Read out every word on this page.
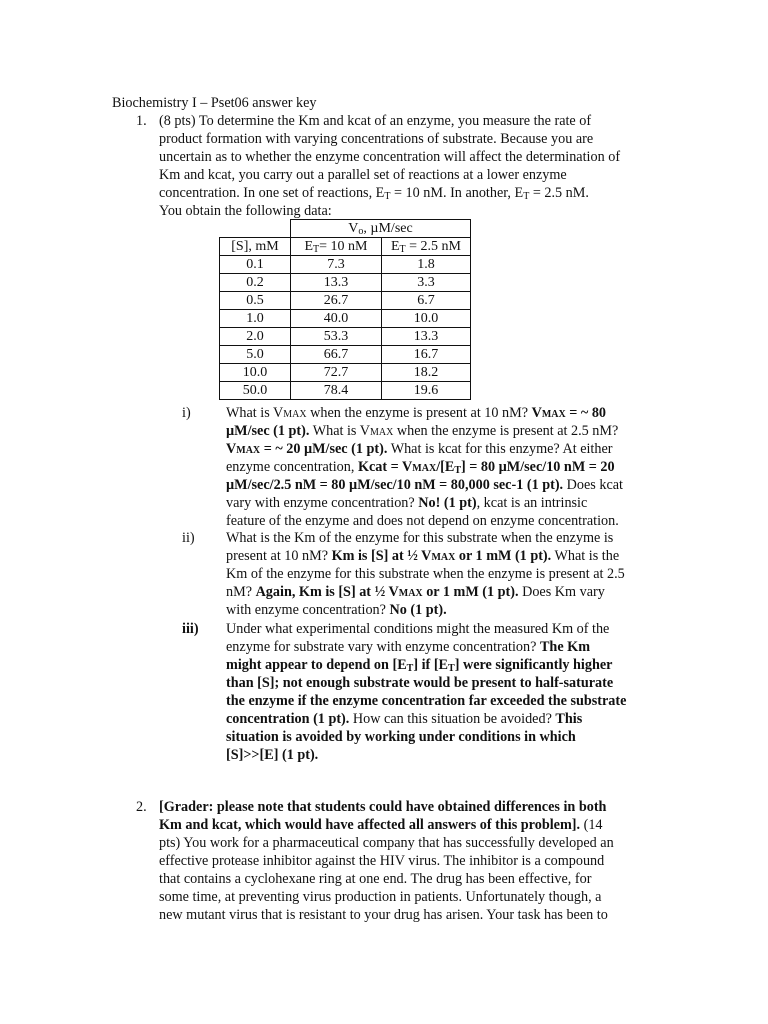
Biochemistry I – Pset06 answer key
1. (8 pts) To determine the Km and kcat of an enzyme, you measure the rate of
product formation with varying concentrations of substrate. Because you are
uncertain as to whether the enzyme concentration will affect the determination of
Km and kcat, you carry out a parallel set of reactions at a lower enzyme
concentration. In one set of reactions, $E_T = 10$ nM. In another, $E_T = 2.5$ nM.
You obtain the following data:
	$V_o$, µM/sec	
[S], mM	$E_T= 10$ nM	$E_T = 2.5$ nM
0.1	7.3	1.8
0.2	13.3	3.3
0.5	26.7	6.7
1.0	40.0	10.0
2.0	53.3	13.3
5.0	66.7	16.7
10.0	72.7	18.2
50.0	78.4	19.6
i) What is VMAX when the enzyme is present at 10 nM? VMAX = ~ 80
µM/sec (1 pt). What is VMAX when the enzyme is present at 2.5 nM?
VMAX = ~ 20 µM/sec (1 pt). What is kcat for this enzyme? At either
enzyme concentration, Kcat = VMAX/$[E_T] = 80$ µM/sec/10 nM = 20
µM/sec/2.5 nM = 80 µM/sec/10 nM = 80,000 sec-1 (1 pt). Does kcat
vary with enzyme concentration? No! (1 pt), kcat is an intrinsic
feature of the enzyme and does not depend on enzyme concentration.
ii) What is the Km of the enzyme for this substrate when the enzyme is
present at 10 nM? Km is [S] at ½ VMAX or 1 mM (1 pt). What is the
Km of the enzyme for this substrate when the enzyme is present at 2.5
nM? Again, Km is [S] at ½ VMAX or 1 mM (1 pt). Does Km vary
with enzyme concentration? No (1 pt).
iii) Under what experimental conditions might the measured Km of the
enzyme for substrate vary with enzyme concentration? The Km
might appear to depend on $[E_T]$ if $[E_T]$ were significantly higher
than [S]; not enough substrate would be present to half-saturate
the enzyme if the enzyme concentration far exceeded the substrate
concentration (1 pt). How can this situation be avoided? This
situation is avoided by working under conditions in which
[S]>>[E] (1 pt).
2. [Grader: please note that students could have obtained differences in both
Km and kcat, which would have affected all answers of this problem]. (14
pts) You work for a pharmaceutical company that has successfully developed an
effective protease inhibitor against the HIV virus. The inhibitor is a compound
that contains a cyclohexane ring at one end. The drug has been effective, for
some time, at preventing virus production in patients. Unfortunately though, a
new mutant virus that is resistant to your drug has arisen. Your task has been to
